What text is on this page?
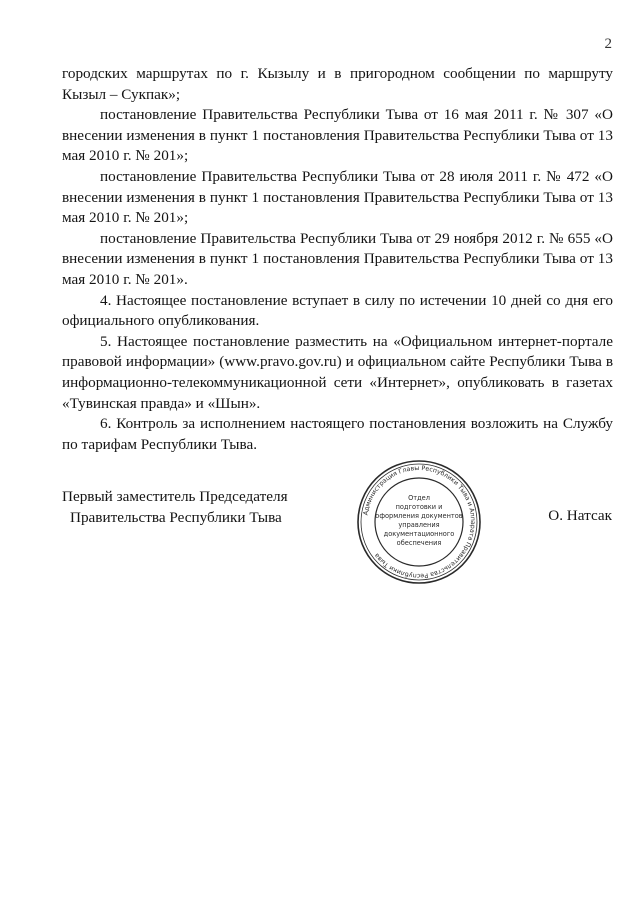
2

городских маршрутах по г. Кызылу и в пригородном сообщении по маршруту Кызыл – Сукпак»;

постановление Правительства Республики Тыва от 16 мая 2011 г. № 307 «О внесении изменения в пункт 1 постановления Правительства Республики Тыва от 13 мая 2010 г. № 201»;

постановление Правительства Республики Тыва от 28 июля 2011 г. № 472 «О внесении изменения в пункт 1 постановления Правительства Республики Тыва от 13 мая 2010 г. № 201»;

постановление Правительства Республики Тыва от 29 ноября 2012 г. № 655 «О внесении изменения в пункт 1 постановления Правительства Республики Тыва от 13 мая 2010 г. № 201».

4. Настоящее постановление вступает в силу по истечении 10 дней со дня его официального опубликования.

5. Настоящее постановление разместить на «Официальном интернет-портале правовой информации» (www.pravo.gov.ru) и официальном сайте Республики Тыва в информационно-телекоммуникационной сети «Интернет», опубликовать в газетах «Тувинская правда» и «Шын».

6. Контроль за исполнением настоящего постановления возложить на Службу по тарифам Республики Тыва.

Первый заместитель Председателя
Правительства Республики Тыва	Администрация Главы Республики Тыва и Аппарата Правительства Республики Тыва
Отдел
подготовки и
оформления документов
управления
документационного
обеспечения
О. Натсак
